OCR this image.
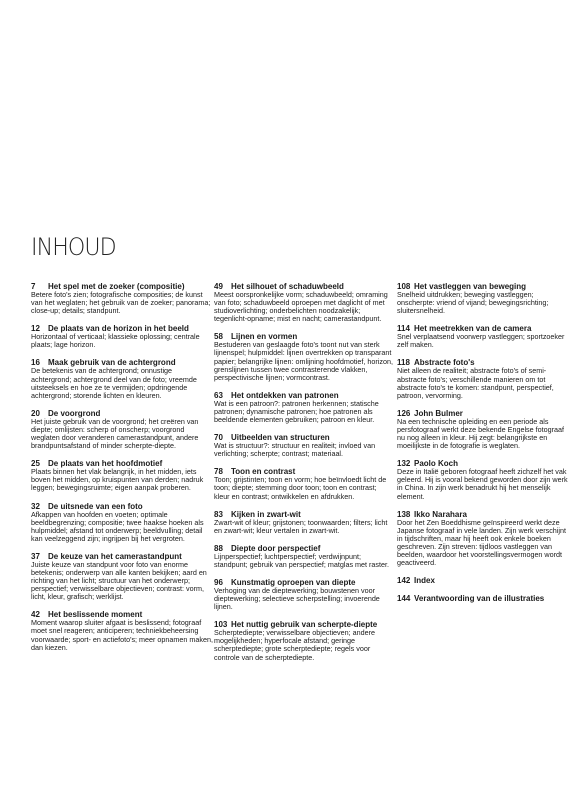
INHOUD
7	Het spel met de zoeker (compositie)

Betere foto's zien; fotografische composities; de kunst van het weglaten; het gebruik van de zoeker; panorama; close-up; details; standpunt.

12	De plaats van de horizon in het beeld

Horizontaal of verticaal; klassieke oplossing; centrale plaats; lage horizon.

16	Maak gebruik van de achtergrond

De betekenis van de achtergrond; onnustige achtergrond; achtergrond deel van de foto; vreemde uitsteeksels en hoe ze te vermijden; opdringende achtergrond; storende lichten en kleuren.

20	De voorgrond

Het juiste gebruik van de voorgrond; het creëren van diepte; omlijsten: scherp of onscherp; voorgrond weglaten door veranderen camerastandpunt, andere brandpuntsafstand of minder scherpte-diepte.

25	De plaats van het hoofdmotief

Plaats binnen het vlak belangrijk, in het midden, iets boven het midden, op kruispunten van derden; nadruk leggen; bewegingsruimte; eigen aanpak proberen.

32	De uitsnede van een foto

Afkappen van hoofden en voeten; optimale beeldbegrenzing; compositie; twee haakse hoeken als hulpmiddel; afstand tot onderwerp; beeldvulling; detail kan veelzeggend zijn; ingrijpen bij het vergroten.

37	De keuze van het camerastandpunt

Juiste keuze van standpunt voor foto van enorme betekenis; onderwerp van alle kanten bekijken; aard en richting van het licht; structuur van het onderwerp; perspectief; verwisselbare objectieven; contrast: vorm, licht, kleur, grafisch; werklijst.

42	Het beslissende moment

Moment waarop sluiter afgaat is beslissend; fotograaf moet snel reageren; anticiperen; techniekbeheersing voorwaarde; sport- en actiefoto's; meer opnamen maken, dan kiezen.

49	Het silhouet of schaduwbeeld

Meest oorspronkelijke vorm; schaduwbeeld; omraming van foto; schaduwbeeld oproepen met daglicht of met studioverlichting; onderbelichten noodzakelijk; tegenlicht-opname; mist en nacht; camerastandpunt.

58	Lijnen en vormen

Bestuderen van geslaagde foto's toont nut van sterk lijnenspel; hulpmiddel: lijnen overtrekken op transparant papier; belangrijke lijnen: omlijning hoofdmotief, horizon, grenslijnen tussen twee contrasterende vlakken, perspectivische lijnen; vormcontrast.

63	Het ontdekken van patronen

Wat is een patroon?: patronen herkennen; statische patronen; dynamische patronen; hoe patronen als beeldende elementen gebruiken; patroon en kleur.

70	Uitbeelden van structuren

Wat is structuur?: structuur en realiteit; invloed van verlichting; scherpte; contrast; materiaal.

78	Toon en contrast

Toon; grijstinten; toon en vorm; hoe beïnvloedt licht de toon; diepte; stemming door toon; toon en contrast; kleur en contrast; ontwikkelen en afdrukken.

83	Kijken in zwart-wit

Zwart-wit of kleur; grijstonen; toonwaarden; filters; licht en zwart-wit; kleur vertalen in zwart-wit.

88	Diepte door perspectief

Lijnperspectief; luchtperspectief; verdwijnpunt; standpunt; gebruik van perspectief; matglas met raster.

96	Kunstmatig oproepen van diepte

Verhoging van de dieptewerking; bouwstenen voor dieptewerking; selectieve scherpstelling; invoerende lijnen.

103 Het nuttig gebruik van scherpte-diepte

Scherptediepte; verwisselbare objectieven; andere mogelijkheden; hyperfocale afstand; geringe scherptediepte; grote scherptediepte; regels voor controle van de scherptediepte.

108 Het vastleggen van beweging

Snelheid uitdrukken; beweging vastleggen; onscherpte: vriend of vijand; bewegingsrichting; sluitersnelheid.

114 Het meetrekken van de camera

Snel verplaatsend voorwerp vastleggen; sportzoeker zelf maken.

118 Abstracte foto's

Niet alleen de realiteit; abstracte foto's of semi-abstracte foto's; verschillende manieren om tot abstracte foto's te komen: standpunt, perspectief, patroon, vervorming.

126 John Bulmer

Na een technische opleiding en een periode als persfotograaf werkt deze bekende Engelse fotograaf nu nog alleen in kleur. Hij zegt: belangrijkste en moeilijkste in de fotografie is weglaten.

132 Paolo Koch

Deze in Italië geboren fotograaf heeft zichzelf het vak geleerd. Hij is vooral bekend geworden door zijn werk in China. In zijn werk benadrukt hij het menselijk element.

138 Ikko Narahara

Door het Zen Boeddhisme geïnspireerd werkt deze Japanse fotograaf in vele landen. Zijn werk verschijnt in tijdschriften, maar hij heeft ook enkele boeken geschreven. Zijn streven: tijdloos vastleggen van beelden, waardoor het voorstellingsvermogen wordt geactiveerd.

142 Index
144 Verantwoording van de illustraties
